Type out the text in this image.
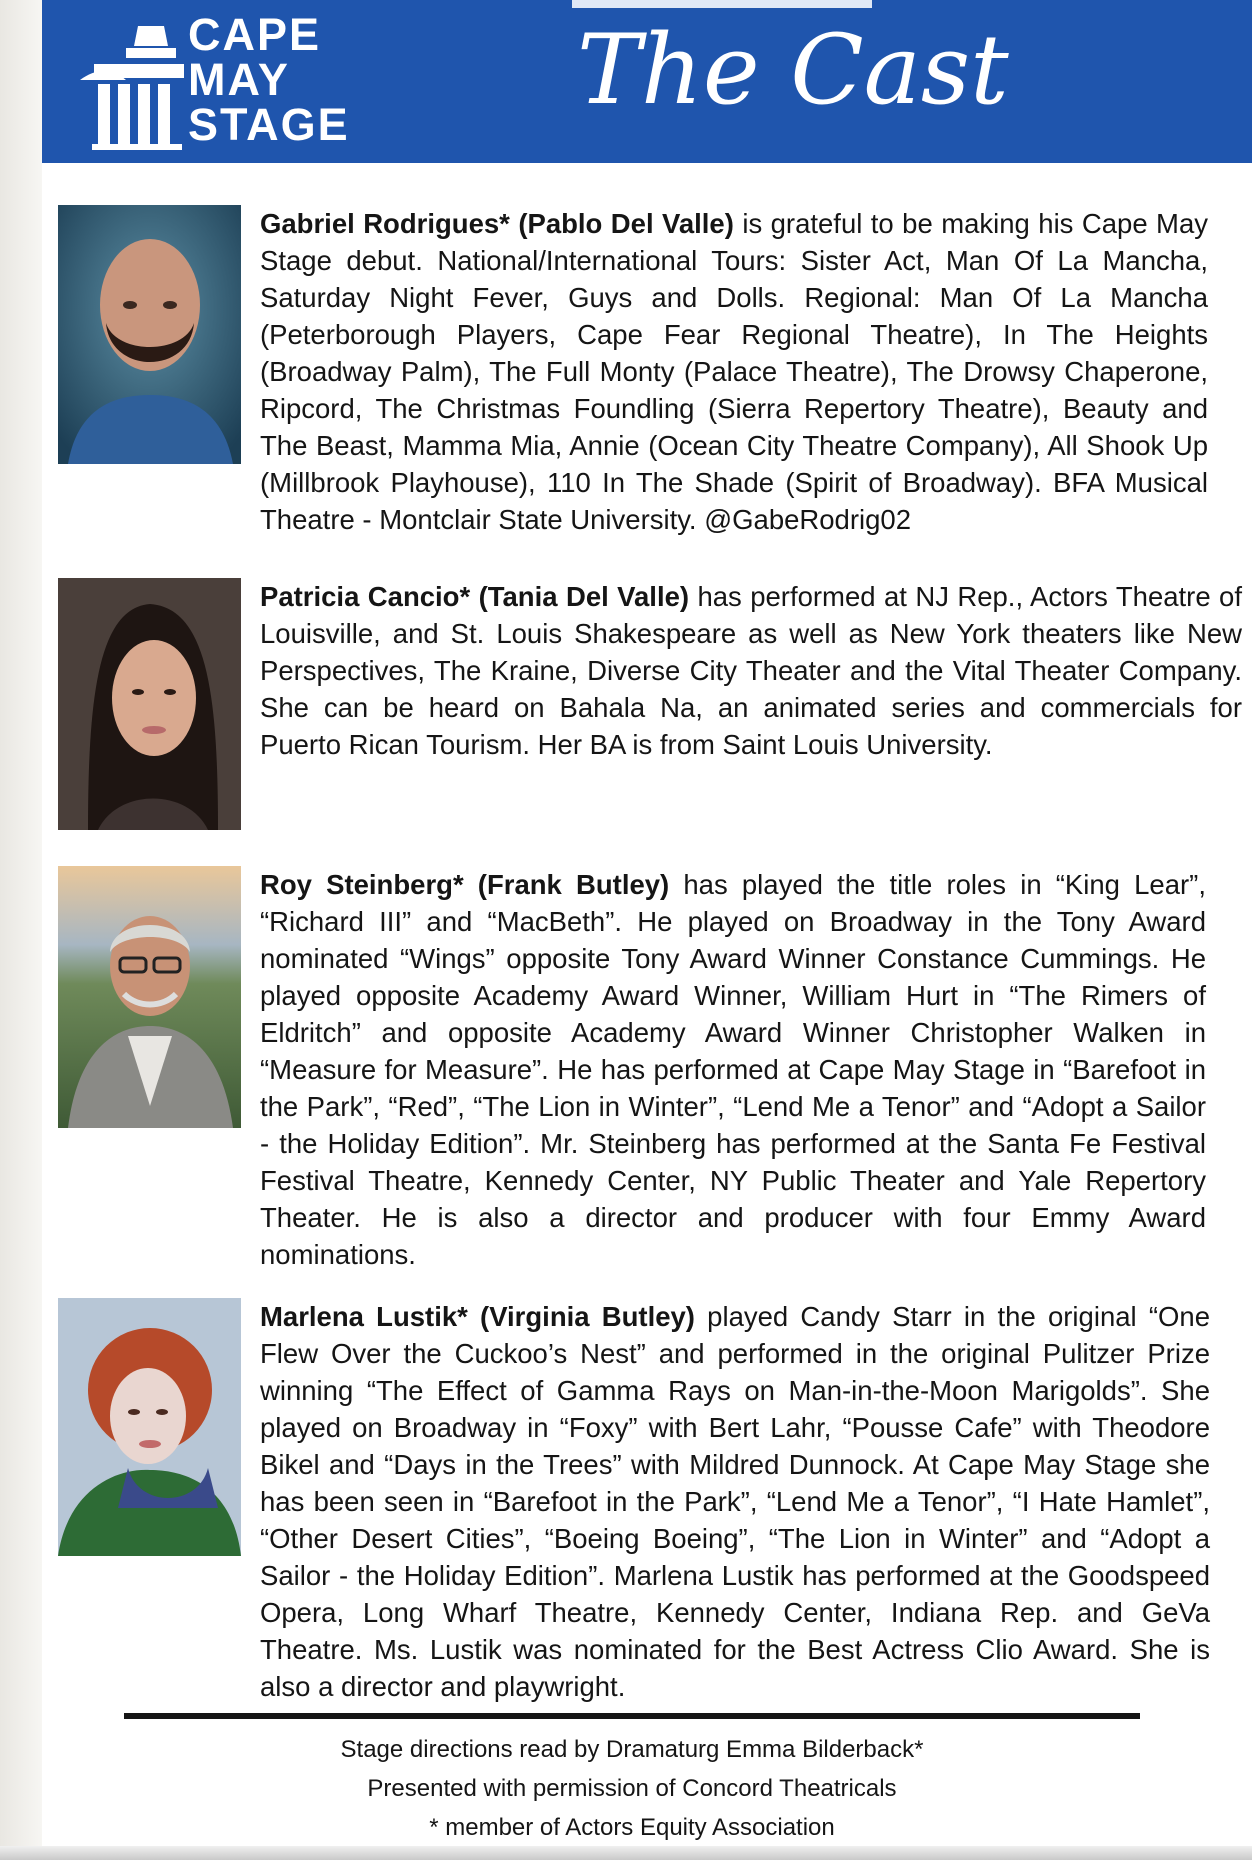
CAPE
MAY
STAGE The Cast
Gabriel Rodrigues* (Pablo Del Valle) is grateful to be making his Cape May Stage debut. National/International Tours: Sister Act, Man Of La Mancha, Saturday Night Fever, Guys and Dolls. Regional: Man Of La Mancha (Peterborough Players, Cape Fear Regional Theatre), In The Heights (Broadway Palm), The Full Monty (Palace Theatre), The Drowsy Chaperone, Ripcord, The Christmas Foundling (Sierra Repertory Theatre), Beauty and The Beast, Mamma Mia, Annie (Ocean City Theatre Company), All Shook Up (Millbrook Playhouse), 110 In The Shade (Spirit of Broadway). BFA Musical Theatre - Montclair State University. @GabeRodrig02
Patricia Cancio* (Tania Del Valle) has performed at NJ Rep., Actors Theatre of Louisville, and St. Louis Shakespeare as well as New York theaters like New Perspectives, The Kraine, Diverse City Theater and the Vital Theater Company. She can be heard on Bahala Na, an animated series and commercials for Puerto Rican Tourism. Her BA is from Saint Louis University.
Roy Steinberg* (Frank Butley) has played the title roles in “King Lear”, “Richard III” and “MacBeth”. He played on Broadway in the Tony Award nominated “Wings” opposite Tony Award Winner Constance Cummings. He played opposite Academy Award Winner, William Hurt in “The Rimers of Eldritch” and opposite Academy Award Winner Christopher Walken in “Measure for Measure”. He has performed at Cape May Stage in “Barefoot in the Park”, “Red”, “The Lion in Winter”, “Lend Me a Tenor” and “Adopt a Sailor - the Holiday Edition”. Mr. Steinberg has performed at the Santa Fe Festival Festival Theatre, Kennedy Center, NY Public Theater and Yale Repertory Theater. He is also a director and producer with four Emmy Award nominations.
Marlena Lustik* (Virginia Butley) played Candy Starr in the original “One Flew Over the Cuckoo’s Nest” and performed in the original Pulitzer Prize winning “The Effect of Gamma Rays on Man-in-the-Moon Marigolds”. She played on Broadway in “Foxy” with Bert Lahr, “Pousse Cafe” with Theodore Bikel and “Days in the Trees” with Mildred Dunnock. At Cape May Stage she has been seen in “Barefoot in the Park”, “Lend Me a Tenor”, “I Hate Hamlet”, “Other Desert Cities”, “Boeing Boeing”, “The Lion in Winter” and “Adopt a Sailor - the Holiday Edition”. Marlena Lustik has performed at the Goodspeed Opera, Long Wharf Theatre, Kennedy Center, Indiana Rep. and GeVa Theatre. Ms. Lustik was nominated for the Best Actress Clio Award. She is also a director and playwright.
Stage directions read by Dramaturg Emma Bilderback*
Presented with permission of Concord Theatricals
* member of Actors Equity Association
